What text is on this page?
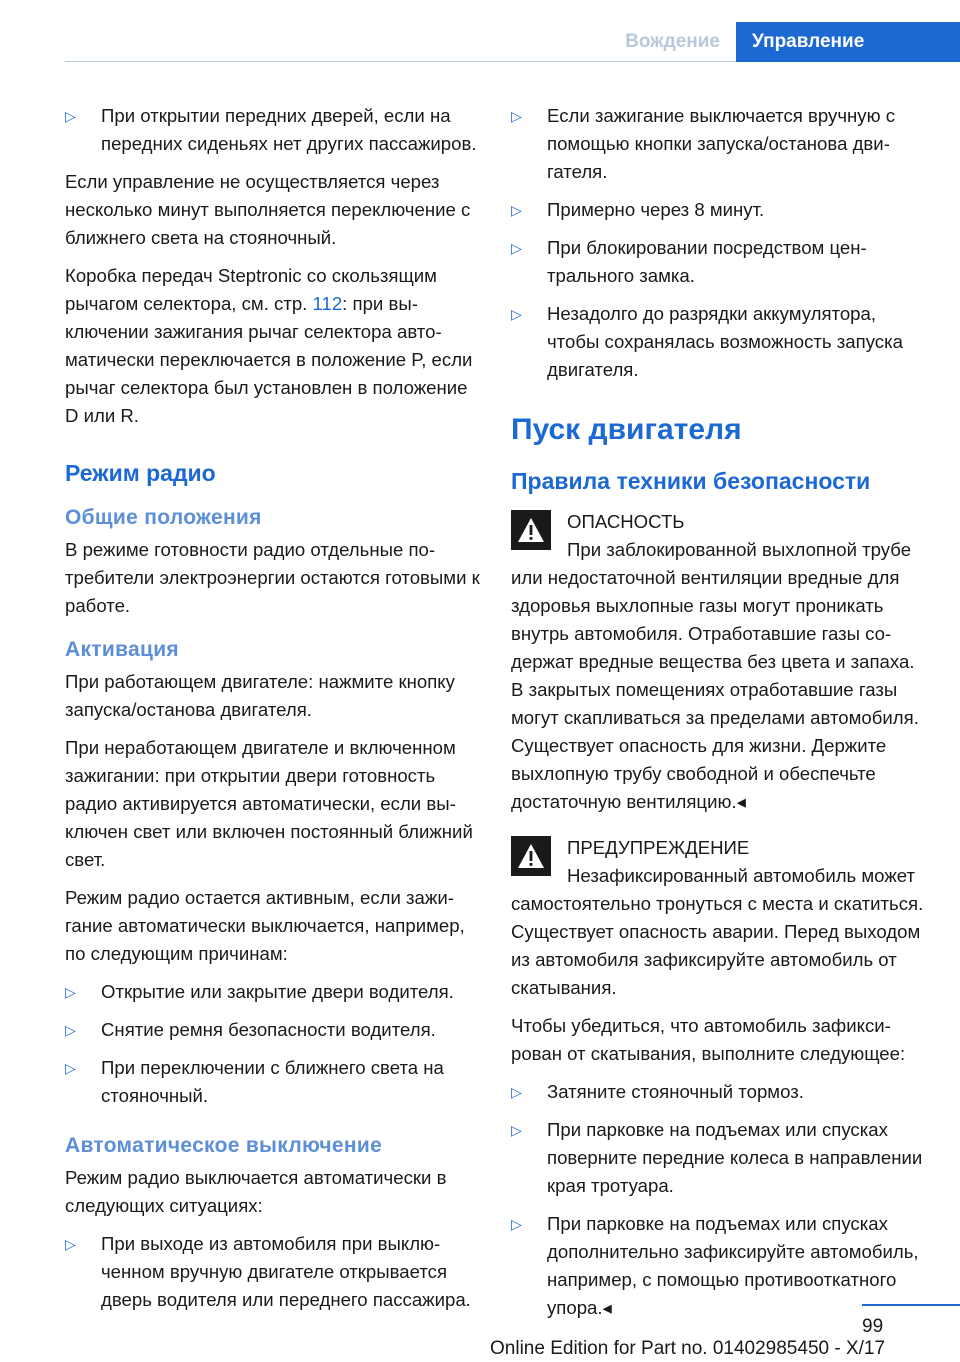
Вождение	Управление
▷	При открытии передних дверей, если на передних сиденьях нет других пассажиров.

Если управление не осуществляется через несколько минут выполняется переключение с ближнего света на стояночный.

Коробка передач Steptronic со скользящим рычагом селектора, см. стр. 112: при выключении зажигания рычаг селектора автоматически переключается в положение P, если рычаг селектора был установлен в положение D или R.

Режим радио
Общие положения

В режиме готовности радио отдельные потребители электроэнергии остаются готовыми к работе.

Активация

При работающем двигателе: нажмите кнопку запуска/останова двигателя.

При неработающем двигателе и включенном зажигании: при открытии двери готовность радио активируется автоматически, если выключен свет или включен постоянный ближний свет.

Режим радио остается активным, если зажигание автоматически выключается, например, по следующим причинам:

▷	Открытие или закрытие двери водителя.
▷	Снятие ремня безопасности водителя.
▷	При переключении с ближнего света на стояночный.
Автоматическое выключение

Режим радио выключается автоматически в следующих ситуациях:

▷	При выходе из автомобиля при выключенном вручную двигателе открывается дверь водителя или переднего пассажира.
▷	Если зажигание выключается вручную с помощью кнопки запуска/останова двигателя.
▷	Примерно через 8 минут.
▷	При блокировании посредством центрального замка.
▷	Незадолго до разрядки аккумулятора, чтобы сохранялась возможность запуска двигателя.
Пуск двигателя
Правила техники безопасности
ОПАСНОСТЬ

При заблокированной выхлопной трубе или недостаточной вентиляции вредные для здоровья выхлопные газы могут проникать внутрь автомобиля. Отработавшие газы содержат вредные вещества без цвета и запаха. В закрытых помещениях отработавшие газы могут скапливаться за пределами автомобиля. Существует опасность для жизни. Держите выхлопную трубу свободной и обеспечьте достаточную вентиляцию.◂

ПРЕДУПРЕЖДЕНИЕ

Незафиксированный автомобиль может самостоятельно тронуться с места и скатиться. Существует опасность аварии. Перед выходом из автомобиля зафиксируйте автомобиль от скатывания.

Чтобы убедиться, что автомобиль зафиксирован от скатывания, выполните следующее:

▷	Затяните стояночный тормоз.
▷	При парковке на подъемах или спусках поверните передние колеса в направлении края тротуара.
▷	При парковке на подъемах или спусках дополнительно зафиксируйте автомобиль, например, с помощью противооткатного упора.◂
99
Online Edition for Part no. 01402985450 - X/17
